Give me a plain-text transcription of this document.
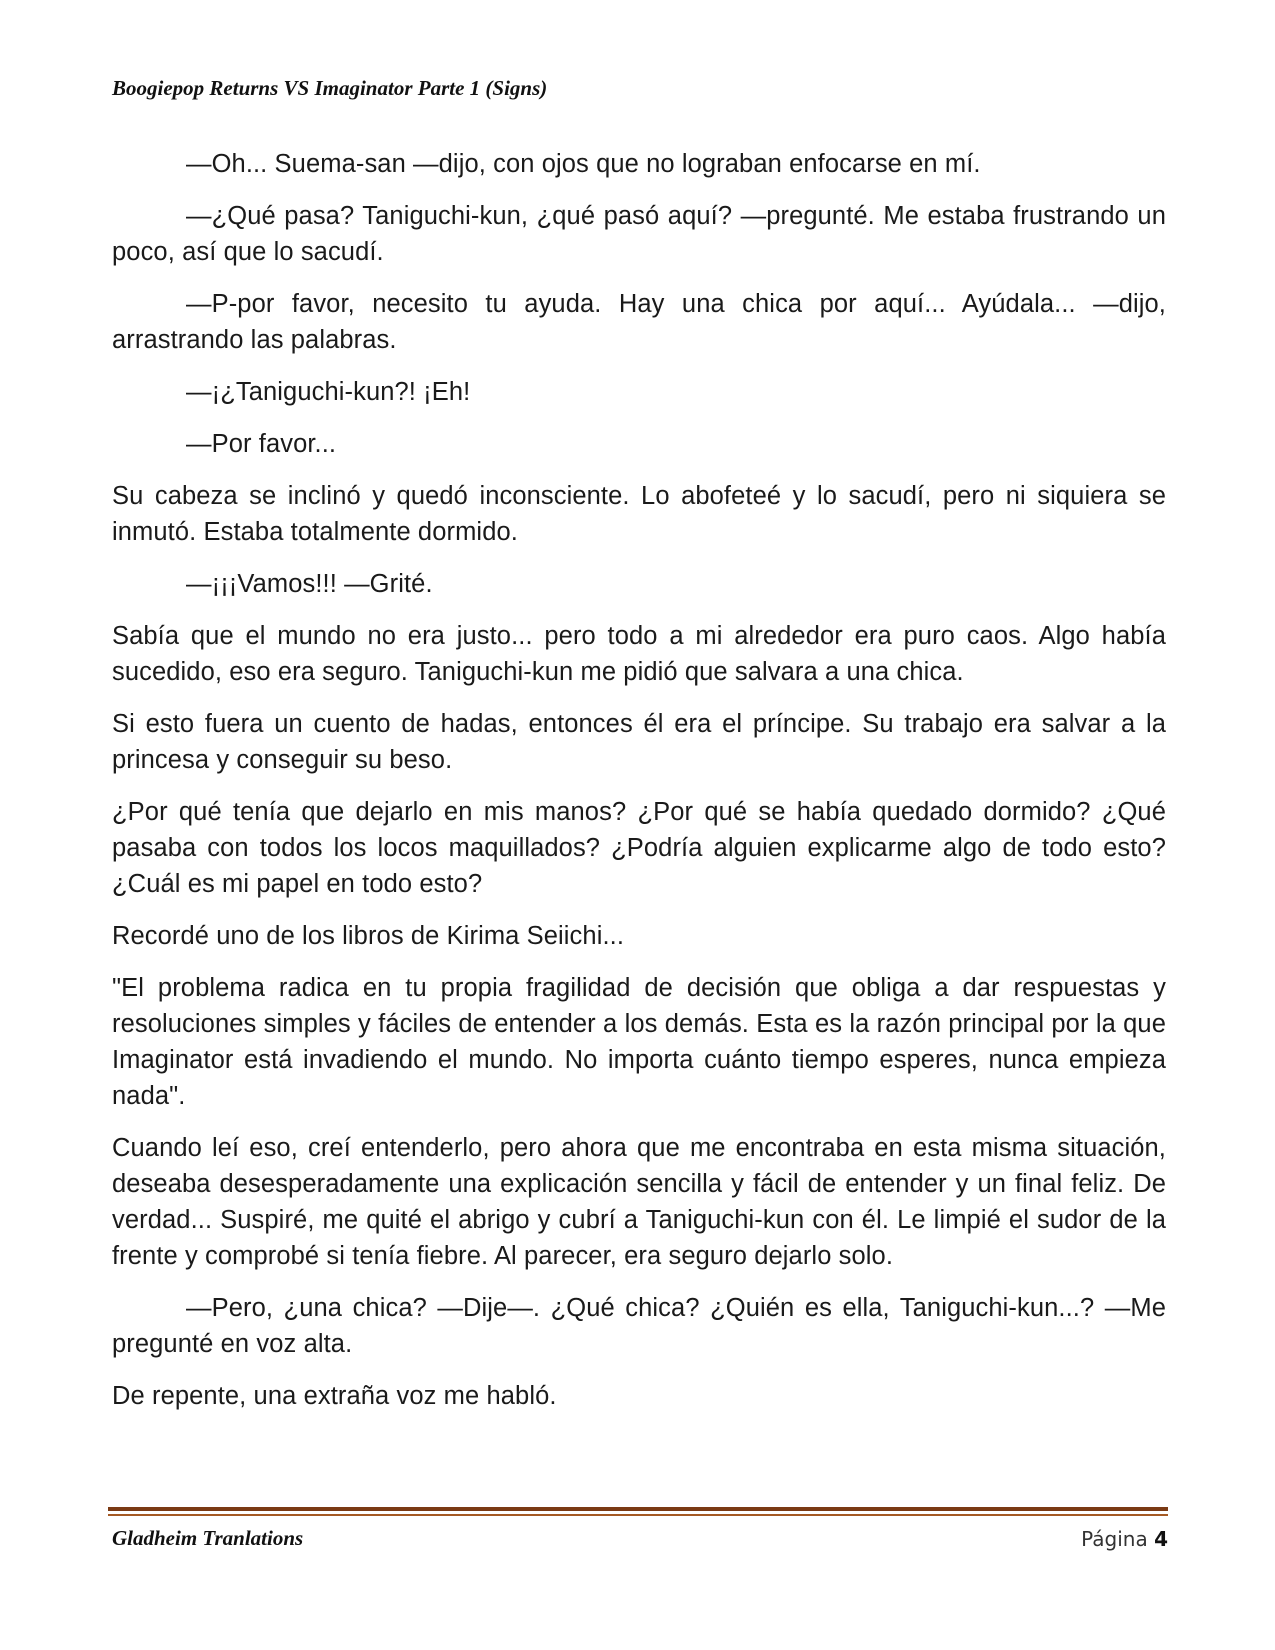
Boogiepop Returns VS Imaginator Parte 1 (Signs)

—Oh... Suema-san —dijo, con ojos que no lograban enfocarse en mí.

—¿Qué pasa? Taniguchi-kun, ¿qué pasó aquí? —pregunté. Me estaba frustrando un poco, así que lo sacudí.

—P-por favor, necesito tu ayuda. Hay una chica por aquí... Ayúdala... —dijo, arrastrando las palabras.

—¡¿Taniguchi-kun?! ¡Eh!

—Por favor...

Su cabeza se inclinó y quedó inconsciente. Lo abofeteé y lo sacudí, pero ni siquiera se inmutó. Estaba totalmente dormido.

—¡¡¡Vamos!!! —Grité.

Sabía que el mundo no era justo... pero todo a mi alrededor era puro caos. Algo había sucedido, eso era seguro. Taniguchi-kun me pidió que salvara a una chica.

Si esto fuera un cuento de hadas, entonces él era el príncipe. Su trabajo era salvar a la princesa y conseguir su beso.

¿Por qué tenía que dejarlo en mis manos? ¿Por qué se había quedado dormido? ¿Qué pasaba con todos los locos maquillados? ¿Podría alguien explicarme algo de todo esto? ¿Cuál es mi papel en todo esto?

Recordé uno de los libros de Kirima Seiichi...

"El problema radica en tu propia fragilidad de decisión que obliga a dar respuestas y resoluciones simples y fáciles de entender a los demás. Esta es la razón principal por la que Imaginator está invadiendo el mundo. No importa cuánto tiempo esperes, nunca empieza nada".

Cuando leí eso, creí entenderlo, pero ahora que me encontraba en esta misma situación, deseaba desesperadamente una explicación sencilla y fácil de entender y un final feliz. De verdad... Suspiré, me quité el abrigo y cubrí a Taniguchi-kun con él. Le limpié el sudor de la frente y comprobé si tenía fiebre. Al parecer, era seguro dejarlo solo.

—Pero, ¿una chica? —Dije—. ¿Qué chica? ¿Quién es ella, Taniguchi-kun...? —Me pregunté en voz alta.

De repente, una extraña voz me habló.

Gladheim Tranlations	Página 4
